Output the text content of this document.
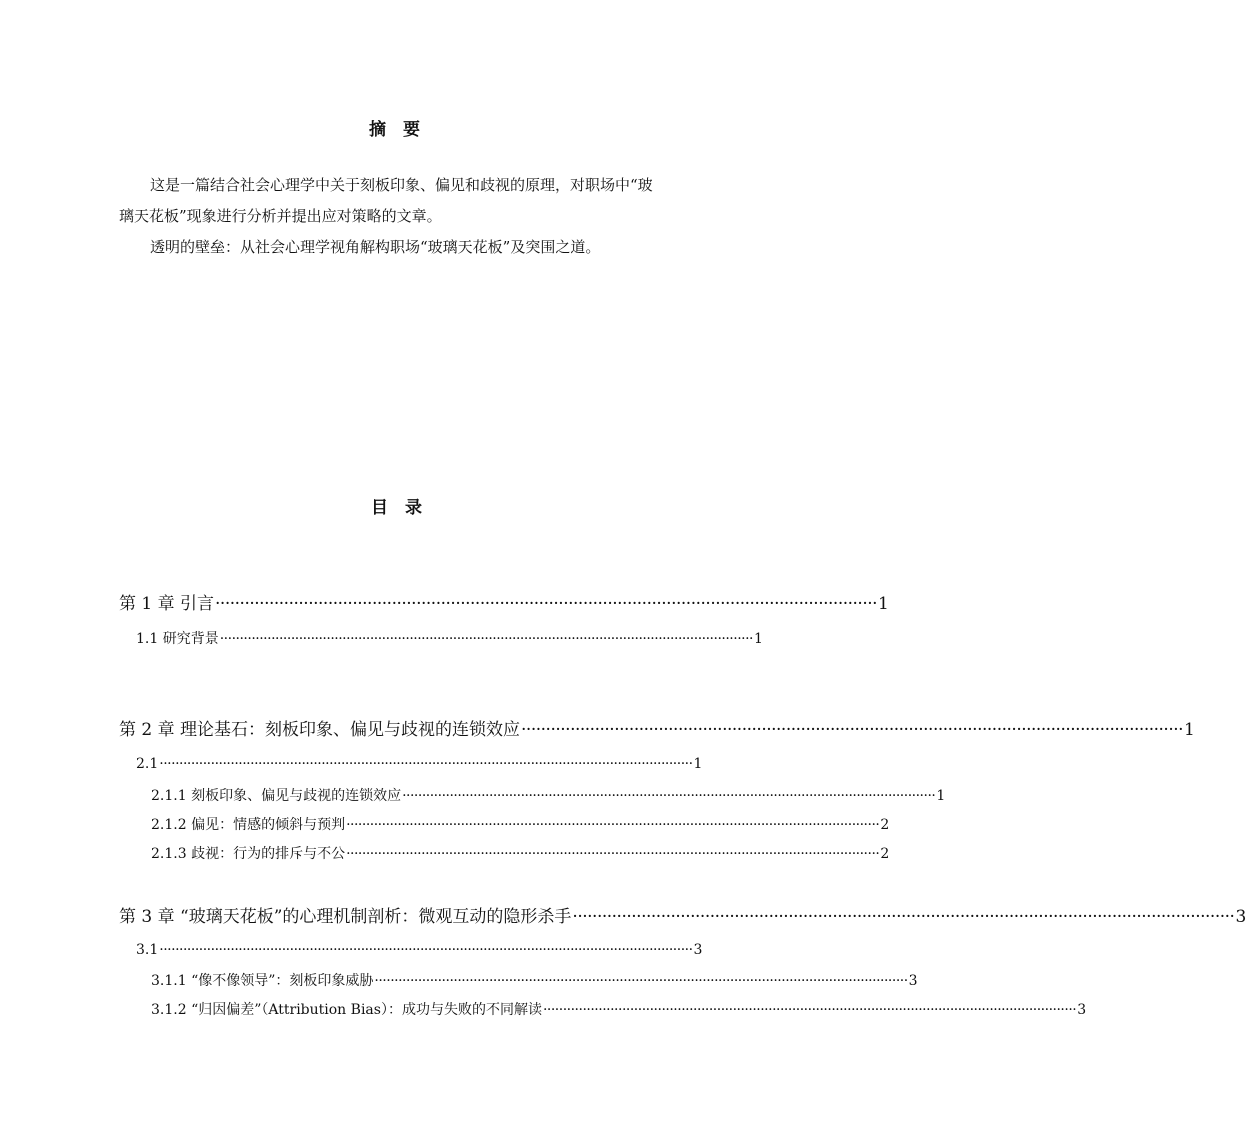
摘　要
这是一篇结合社会心理学中关于刻板印象、偏见和歧视的原理，对职场中“玻
璃天花板”现象进行分析并提出应对策略的文章。
透明的壁垒：从社会心理学视角解构职场“玻璃天花板”及突围之道。
目　录
第 1 章 引言 ······································································································································· 1
1.1 研究背景 ······································································································································· 1
第 2 章 理论基石：刻板印象、偏见与歧视的连锁效应 ······································································································································· 1
2.1 ······································································································································· 1
2.1.1 刻板印象、偏见与歧视的连锁效应 ······································································································································· 1
2.1.2 偏见：情感的倾斜与预判 ······································································································································· 2
2.1.3 歧视：行为的排斥与不公 ······································································································································· 2
第 3 章 “玻璃天花板”的心理机制剖析：微观互动的隐形杀手 ······································································································································· 3
3.1 ······································································································································· 3
3.1.1 “像不像领导”：刻板印象威胁 ······································································································································· 3
3.1.2 “归因偏差”（Attribution Bias）：成功与失败的不同解读 ······································································································································· 3
